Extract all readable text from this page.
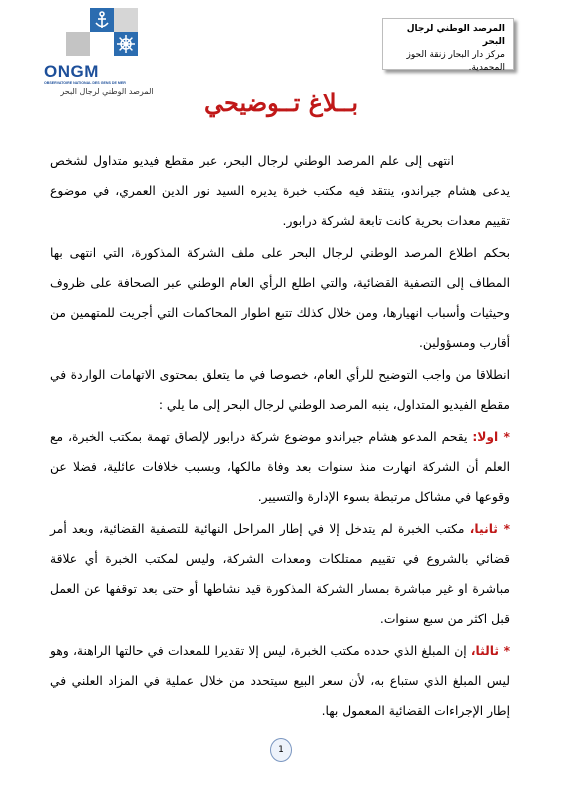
ONGM
OBSERVATOIRE NATIONAL DES GENS DE MER
المرصد الوطني لرجال البحر
المرصد الوطني لرجال البحر
مركز دار البحار زنقة الحوز المحمدية.
بــلاغ تــوضيحي

انتهى إلى علم المرصد الوطني لرجال البحر، عبر مقطع فيديو متداول لشخص يدعى هشام جيراندو، ينتقد فيه مكتب خبرة يديره السيد نور الدين العمري، في موضوع تقييم معدات بحرية كانت تابعة لشركة درابور.

بحكم اطلاع المرصد الوطني لرجال البحر على ملف الشركة المذكورة، التي انتهى بها المطاف إلى التصفية القضائية، والتي اطلع الرأي العام الوطني عبر الصحافة على ظروف وحيثيات وأسباب انهيارها، ومن خلال كذلك تتبع اطوار المحاكمات التي أجريت للمتهمين من أقارب ومسؤولين.

انطلاقا من واجب التوضيح للرأي العام، خصوصا في ما يتعلق بمحتوى الاتهامات الواردة في مقطع الفيديو المتداول، ينبه المرصد الوطني لرجال البحر إلى ما يلي :

* اولا: يقحم المدعو هشام جيراندو موضوع شركة درابور لإلصاق تهمة بمكتب الخبرة، مع العلم أن الشركة انهارت منذ سنوات بعد وفاة مالكها، وبسبب خلافات عائلية، فضلا عن وقوعها في مشاكل مرتبطة بسوء الإدارة والتسيير.

* ثانيا، مكتب الخبرة لم يتدخل إلا في إطار المراحل النهائية للتصفية القضائية، وبعد أمر قضائي بالشروع في تقييم ممتلكات ومعدات الشركة، وليس لمكتب الخبرة أي علاقة مباشرة او غير مباشرة بمسار الشركة المذكورة قيد نشاطها أو حتى بعد توقفها عن العمل قبل اكثر من سبع سنوات.

* ثالثا، إن المبلغ الذي حدده مكتب الخبرة، ليس إلا تقديرا للمعدات في حالتها الراهنة، وهو ليس المبلغ الذي ستباع به، لأن سعر البيع سيتحدد من خلال عملية في المزاد العلني في إطار الإجراءات القضائية المعمول بها.

1
